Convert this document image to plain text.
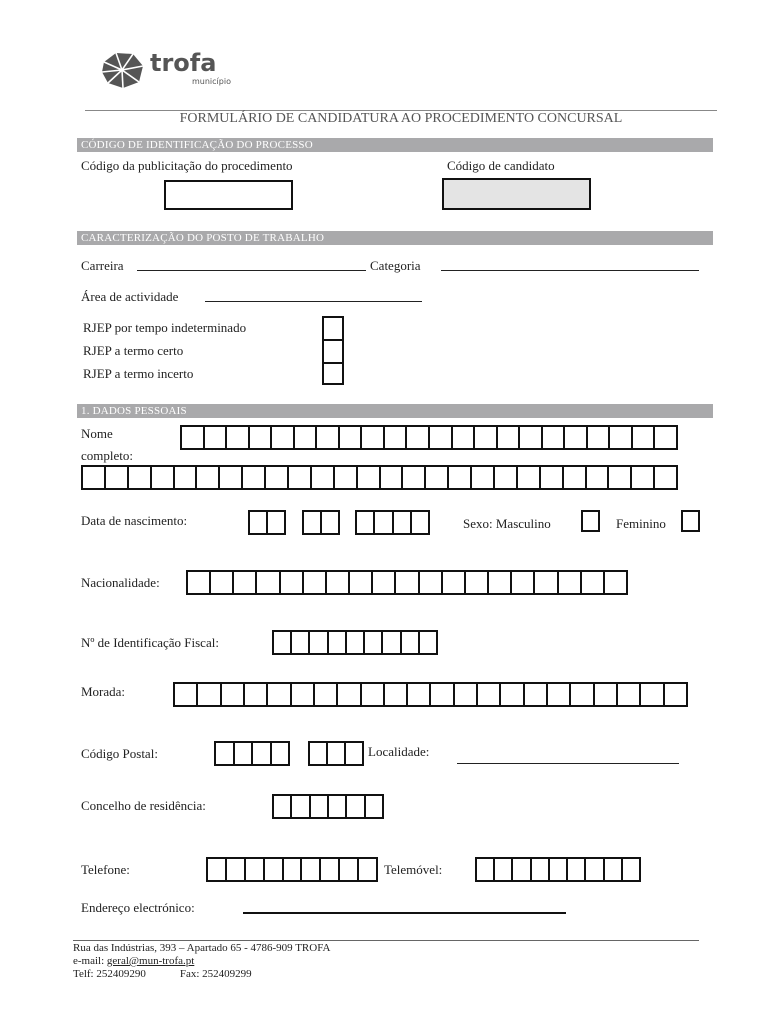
trofa
município
FORMULÁRIO DE CANDIDATURA AO PROCEDIMENTO CONCURSAL
CÓDIGO DE IDENTIFICAÇÃO DO PROCESSO
Código da publicitação do procedimento	Código de candidato
CARACTERIZAÇÃO DO POSTO DE TRABALHO
Carreira	Categoria
Área de actividade
RJEP por tempo indeterminado
RJEP a termo certo
RJEP a termo incerto
1. DADOS PESSOAIS
Nome
completo:
Data de nascimento:	Sexo: Masculino	Feminino
Nacionalidade:
Nº de Identificação Fiscal:
Morada:
Código Postal:	Localidade:
Concelho de residência:
Telefone:	Telemóvel:
Endereço electrónico:
Rua das Indústrias, 393 – Apartado 65 - 4786-909 TROFA
e-mail: geral@mun-trofa.pt
Telf: 252409290	Fax: 252409299
